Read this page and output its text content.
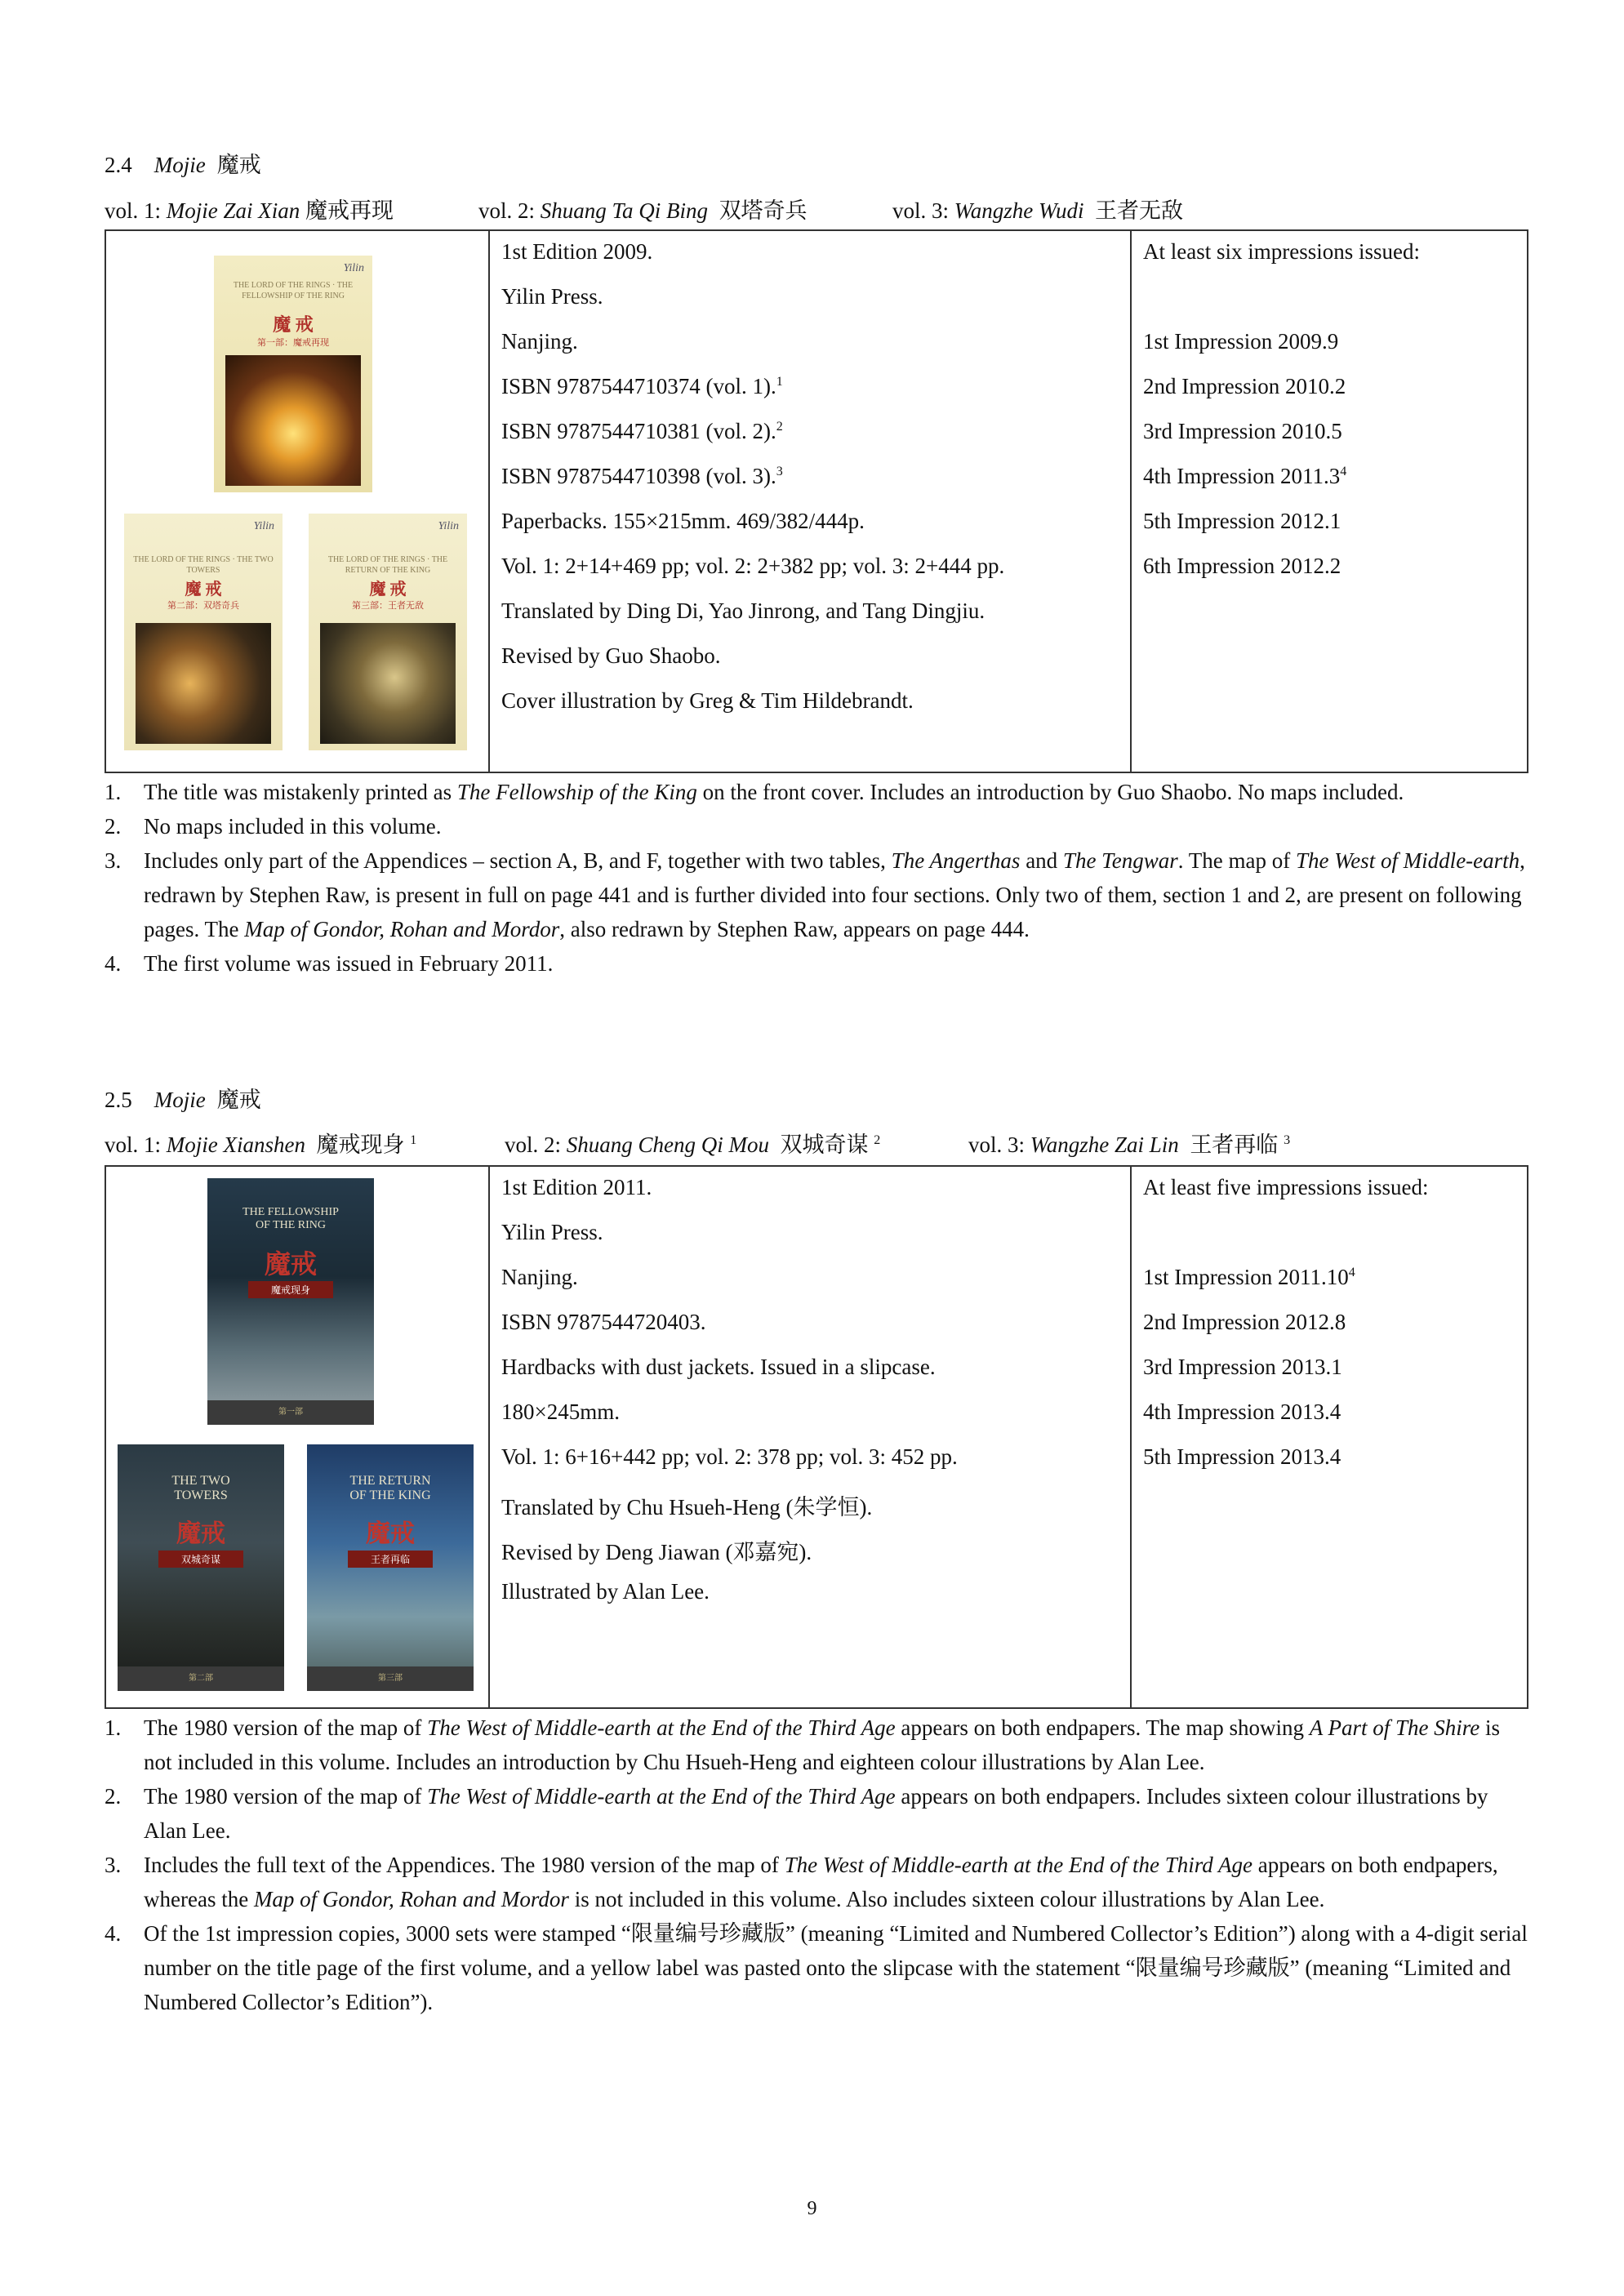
2.4 Mojie 魔戒
vol. 1: Mojie Zai Xian 魔戒再现	vol. 2: Shuang Ta Qi Bing 双塔奇兵	vol. 3: Wangzhe Wudi 王者无敌
Yilin
THE LORD OF THE RINGS · THE FELLOWSHIP OF THE RING
魔 戒
第一部：魔戒再现
Yilin
THE LORD OF THE RINGS · THE TWO TOWERS
魔 戒
第二部：双塔奇兵
Yilin
THE LORD OF THE RINGS · THE RETURN OF THE KING
魔 戒
第三部：王者无敌
1st Edition 2009.
Yilin Press.
Nanjing.
ISBN 9787544710374 (vol. 1).$^1$
ISBN 9787544710381 (vol. 2).$^2$
ISBN 9787544710398 (vol. 3).$^3$
Paperbacks. 155×215mm. 469/382/444p.
Vol. 1: 2+14+469 pp; vol. 2: 2+382 pp; vol. 3: 2+444 pp.
Translated by Ding Di, Yao Jinrong, and Tang Dingjiu.
Revised by Guo Shaobo.
Cover illustration by Greg & Tim Hildebrandt.
At least six impressions issued:
1st Impression 2009.9
2nd Impression 2010.2
3rd Impression 2010.5
4th Impression 2011.3$^4$
5th Impression 2012.1
6th Impression 2012.2
1. The title was mistakenly printed as The Fellowship of the King on the front cover. Includes an introduction by Guo Shaobo. No maps included.
2. No maps included in this volume.
3. Includes only part of the Appendices – section A, B, and F, together with two tables, The Angerthas and The Tengwar. The map of The West of Middle-earth, redrawn by Stephen Raw, is present in full on page 441 and is further divided into four sections. Only two of them, section 1 and 2, are present on following pages. The Map of Gondor, Rohan and Mordor, also redrawn by Stephen Raw, appears on page 444.
4. The first volume was issued in February 2011.
2.5 Mojie 魔戒
vol. 1: Mojie Xianshen 魔戒现身 $^1$	vol. 2: Shuang Cheng Qi Mou 双城奇谋 $^2$	vol. 3: Wangzhe Zai Lin 王者再临 $^3$
THE FELLOWSHIP OF THE RING
魔戒
魔戒现身
第一部
THE TWO TOWERS
魔戒
双城奇谋
第二部
THE RETURN OF THE KING
魔戒
王者再临
第三部
1st Edition 2011.
Yilin Press.
Nanjing.
ISBN 9787544720403.
Hardbacks with dust jackets. Issued in a slipcase.
180×245mm.
Vol. 1: 6+16+442 pp; vol. 2: 378 pp; vol. 3: 452 pp.
Translated by Chu Hsueh-Heng (朱学恒).
Revised by Deng Jiawan (邓嘉宛).
Illustrated by Alan Lee.
At least five impressions issued:
1st Impression 2011.10$^4$
2nd Impression 2012.8
3rd Impression 2013.1
4th Impression 2013.4
5th Impression 2013.4
1. The 1980 version of the map of The West of Middle-earth at the End of the Third Age appears on both endpapers. The map showing A Part of The Shire is not included in this volume. Includes an introduction by Chu Hsueh-Heng and eighteen colour illustrations by Alan Lee.
2. The 1980 version of the map of The West of Middle-earth at the End of the Third Age appears on both endpapers. Includes sixteen colour illustrations by Alan Lee.
3. Includes the full text of the Appendices. The 1980 version of the map of The West of Middle-earth at the End of the Third Age appears on both endpapers, whereas the Map of Gondor, Rohan and Mordor is not included in this volume. Also includes sixteen colour illustrations by Alan Lee.
4. Of the 1st impression copies, 3000 sets were stamped “限量编号珍藏版” (meaning “Limited and Numbered Collector’s Edition”) along with a 4-digit serial number on the title page of the first volume, and a yellow label was pasted onto the slipcase with the statement “限量编号珍藏版” (meaning “Limited and Numbered Collector’s Edition”).
9
